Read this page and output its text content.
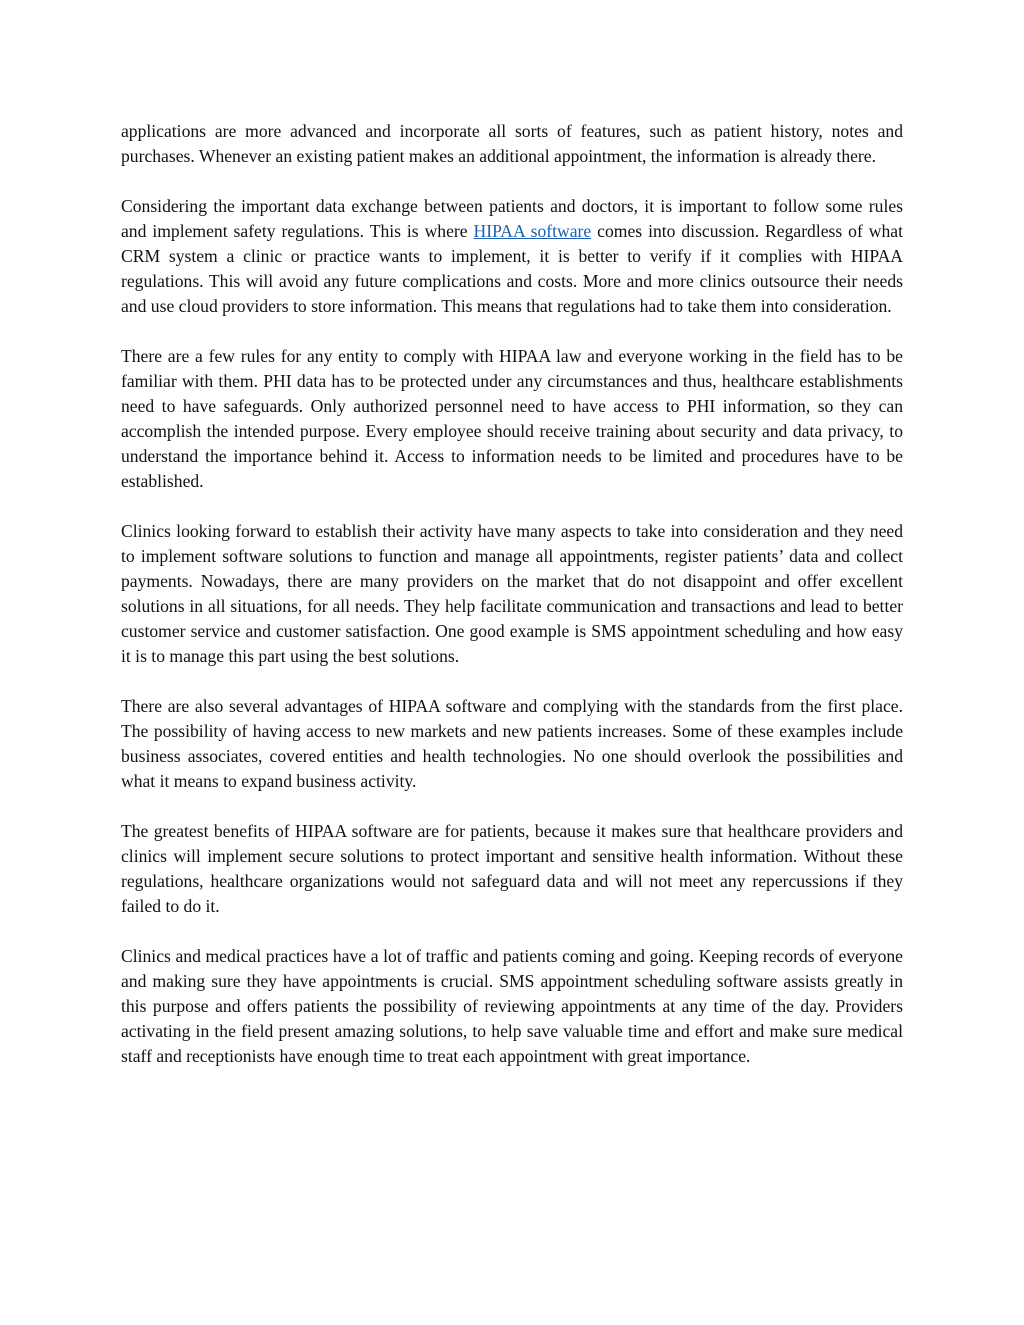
applications are more advanced and incorporate all sorts of features, such as patient history, notes and purchases. Whenever an existing patient makes an additional appointment, the information is already there.

Considering the important data exchange between patients and doctors, it is important to follow some rules and implement safety regulations. This is where HIPAA software comes into discussion. Regardless of what CRM system a clinic or practice wants to implement, it is better to verify if it complies with HIPAA regulations. This will avoid any future complications and costs. More and more clinics outsource their needs and use cloud providers to store information. This means that regulations had to take them into consideration.

There are a few rules for any entity to comply with HIPAA law and everyone working in the field has to be familiar with them. PHI data has to be protected under any circumstances and thus, healthcare establishments need to have safeguards. Only authorized personnel need to have access to PHI information, so they can accomplish the intended purpose. Every employee should receive training about security and data privacy, to understand the importance behind it. Access to information needs to be limited and procedures have to be established.

Clinics looking forward to establish their activity have many aspects to take into consideration and they need to implement software solutions to function and manage all appointments, register patients’ data and collect payments. Nowadays, there are many providers on the market that do not disappoint and offer excellent solutions in all situations, for all needs. They help facilitate communication and transactions and lead to better customer service and customer satisfaction. One good example is SMS appointment scheduling and how easy it is to manage this part using the best solutions.

There are also several advantages of HIPAA software and complying with the standards from the first place. The possibility of having access to new markets and new patients increases. Some of these examples include business associates, covered entities and health technologies. No one should overlook the possibilities and what it means to expand business activity.

The greatest benefits of HIPAA software are for patients, because it makes sure that healthcare providers and clinics will implement secure solutions to protect important and sensitive health information. Without these regulations, healthcare organizations would not safeguard data and will not meet any repercussions if they failed to do it.

Clinics and medical practices have a lot of traffic and patients coming and going. Keeping records of everyone and making sure they have appointments is crucial. SMS appointment scheduling software assists greatly in this purpose and offers patients the possibility of reviewing appointments at any time of the day. Providers activating in the field present amazing solutions, to help save valuable time and effort and make sure medical staff and receptionists have enough time to treat each appointment with great importance.
